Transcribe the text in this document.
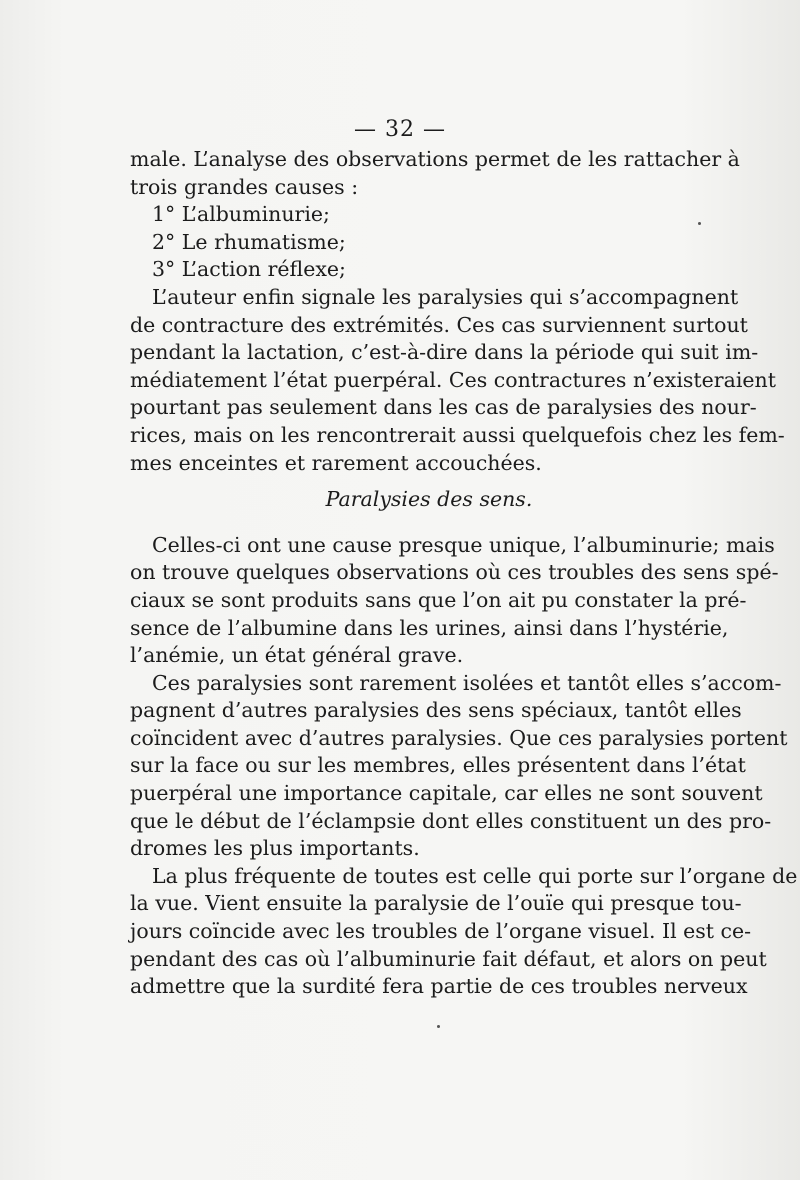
— 32 —
male. L’analyse des observations permet de les rattacher à
trois grandes causes :
1° L’albuminurie;
2° Le rhumatisme;
3° L’action réflexe;
L’auteur enfin signale les paralysies qui s’accompagnent
de contracture des extrémités. Ces cas surviennent surtout
pendant la lactation, c’est-à-dire dans la période qui suit im-
médiatement l’état puerpéral. Ces contractures n’existeraient
pourtant pas seulement dans les cas de paralysies des nour-
rices, mais on les rencontrerait aussi quelquefois chez les fem-
mes enceintes et rarement accouchées.
Paralysies des sens.
Celles-ci ont une cause presque unique, l’albuminurie; mais
on trouve quelques observations où ces troubles des sens spé-
ciaux se sont produits sans que l’on ait pu constater la pré-
sence de l’albumine dans les urines, ainsi dans l’hystérie,
l’anémie, un état général grave.
Ces paralysies sont rarement isolées et tantôt elles s’accom-
pagnent d’autres paralysies des sens spéciaux, tantôt elles
coïncident avec d’autres paralysies. Que ces paralysies portent
sur la face ou sur les membres, elles présentent dans l’état
puerpéral une importance capitale, car elles ne sont souvent
que le début de l’éclampsie dont elles constituent un des pro-
dromes les plus importants.
La plus fréquente de toutes est celle qui porte sur l’organe de
la vue. Vient ensuite la paralysie de l’ouïe qui presque tou-
jours coïncide avec les troubles de l’organe visuel. Il est ce-
pendant des cas où l’albuminurie fait défaut, et alors on peut
admettre que la surdité fera partie de ces troubles nerveux
